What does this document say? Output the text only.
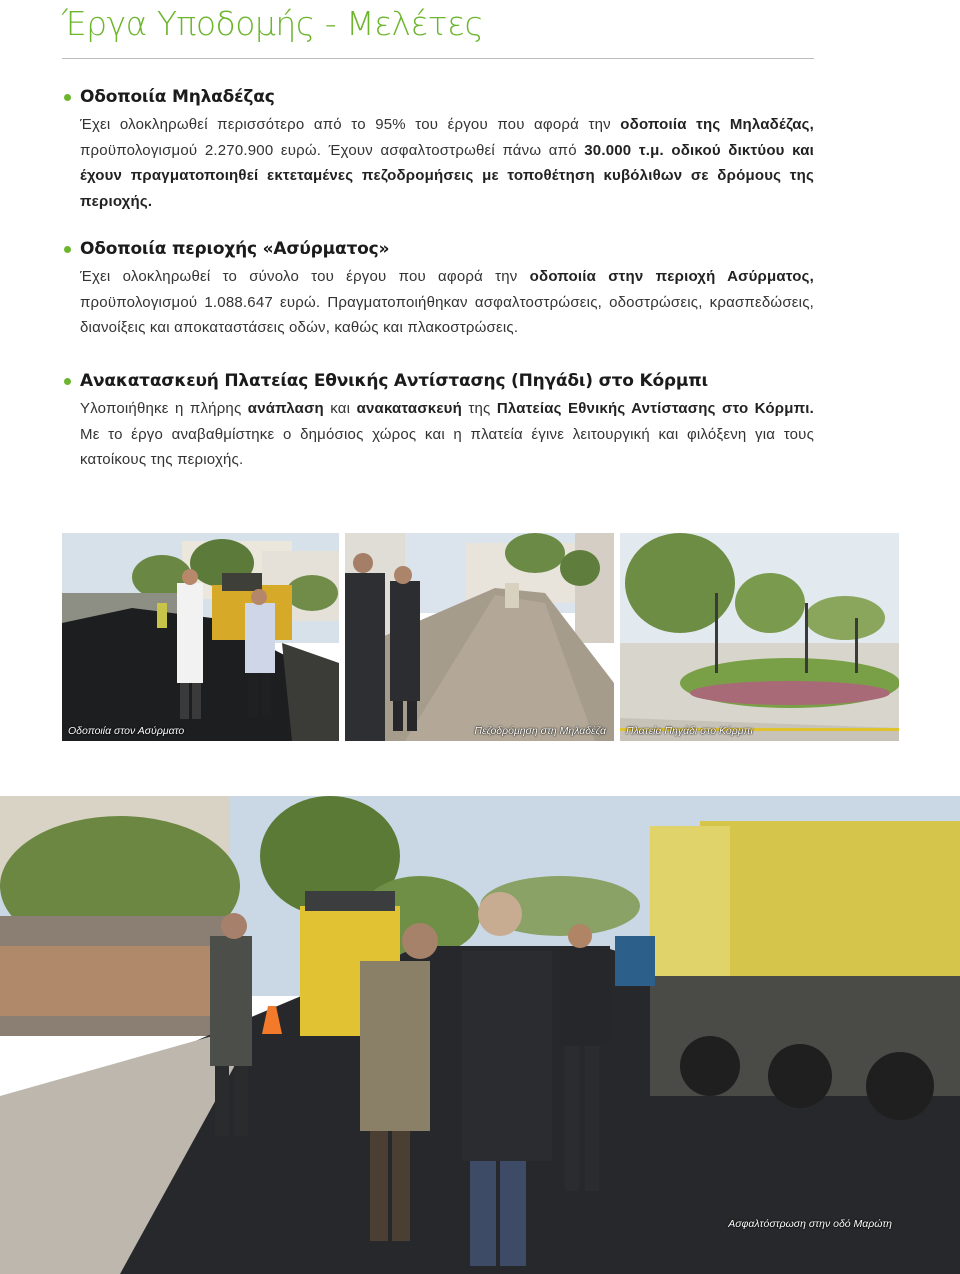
Έργα Υποδομής - Μελέτες
Οδοποιία Μηλαδέζας

Έχει ολοκληρωθεί περισσότερο από το 95% του έργου που αφορά την οδοποιία της Μηλαδέζας, προϋπολογισμού 2.270.900 ευρώ. Έχουν ασφαλτοστρωθεί πάνω από 30.000 τ.μ. οδικού δικτύου και έχουν πραγματοποιηθεί εκτεταμένες πεζοδρομήσεις με τοποθέτηση κυβόλιθων σε δρόμους της περιοχής.

Οδοποιία περιοχής «Ασύρματος»

Έχει ολοκληρωθεί το σύνολο του έργου που αφορά την οδοποιία στην περιοχή Ασύρματος, προϋπολογισμού 1.088.647 ευρώ. Πραγματοποιήθηκαν ασφαλτοστρώσεις, οδοστρώσεις, κρασπεδώσεις, διανοίξεις και αποκαταστάσεις οδών, καθώς και πλακοστρώσεις.

Ανακατασκευή Πλατείας Εθνικής Αντίστασης (Πηγάδι) στο Κόρμπι

Υλοποιήθηκε η πλήρης ανάπλαση και ανακατασκευή της Πλατείας Εθνικής Αντίστασης στο Κόρμπι. Με το έργο αναβαθμίστηκε ο δημόσιος χώρος και η πλατεία έγινε λειτουργική και φιλόξενη για τους κατοίκους της περιοχής.

Οδοποιία στον Ασύρματο	Πεζοδρόμηση στη Μηλαδέζα Πλατεία Πηγάδι στο Κόρμπι
Ασφαλτόστρωση στην οδό Μαρώτη
